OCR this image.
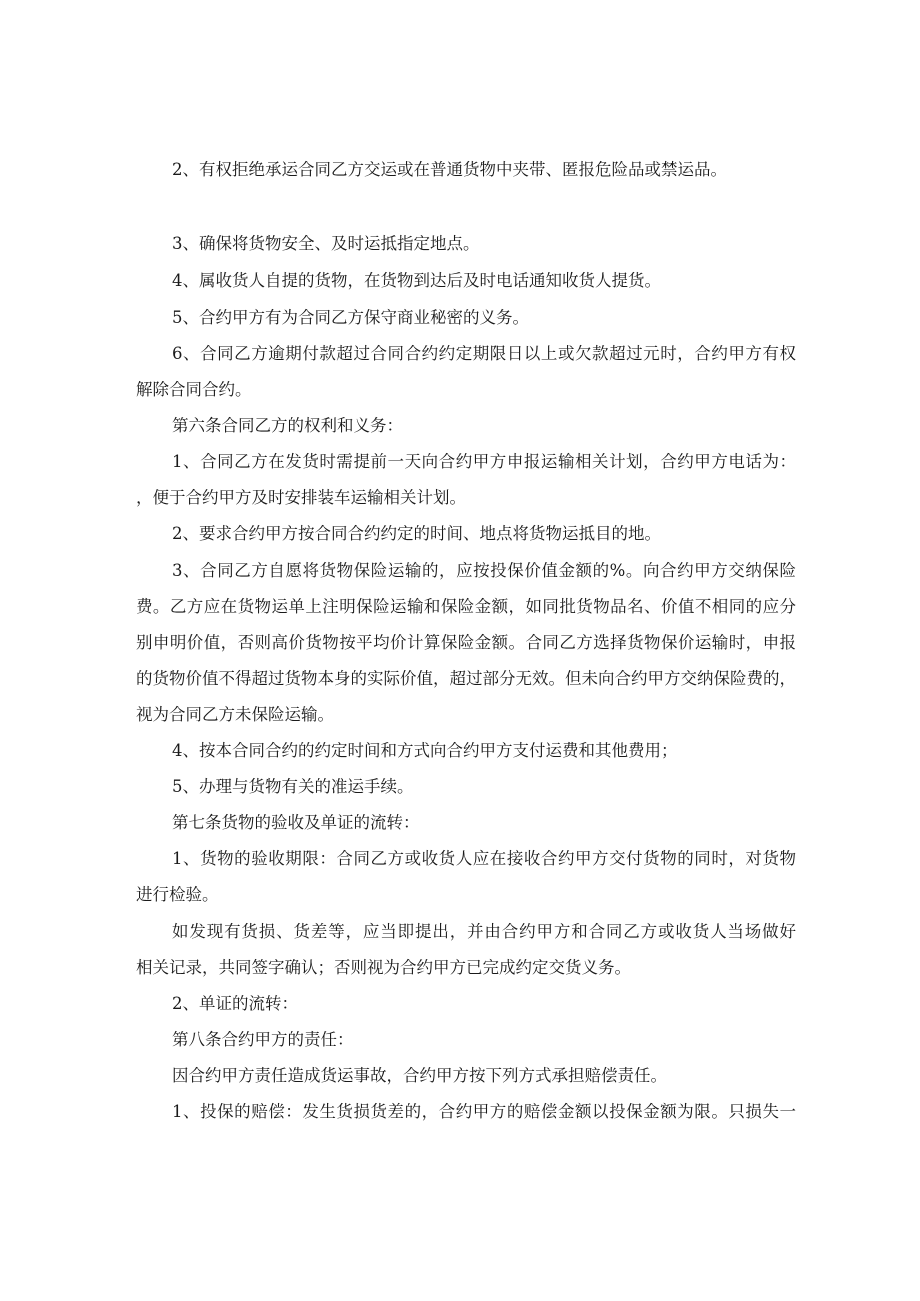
2、有权拒绝承运合同乙方交运或在普通货物中夹带、匿报危险品或禁运品。
3、确保将货物安全、及时运抵指定地点。
4、属收货人自提的货物，在货物到达后及时电话通知收货人提货。
5、合约甲方有为合同乙方保守商业秘密的义务。
6、合同乙方逾期付款超过合同合约约定期限日以上或欠款超过元时，合约甲方有权
解除合同合约。
第六条合同乙方的权利和义务：
1、合同乙方在发货时需提前一天向合约甲方申报运输相关计划，合约甲方电话为：
，便于合约甲方及时安排装车运输相关计划。
2、要求合约甲方按合同合约约定的时间、地点将货物运抵目的地。
3、合同乙方自愿将货物保险运输的，应按投保价值金额的%。向合约甲方交纳保险
费。乙方应在货物运单上注明保险运输和保险金额，如同批货物品名、价值不相同的应分
别申明价值，否则高价货物按平均价计算保险金额。合同乙方选择货物保价运输时，申报
的货物价值不得超过货物本身的实际价值，超过部分无效。但未向合约甲方交纳保险费的，
视为合同乙方未保险运输。
4、按本合同合约的约定时间和方式向合约甲方支付运费和其他费用；
5、办理与货物有关的准运手续。
第七条货物的验收及单证的流转：
1、货物的验收期限：合同乙方或收货人应在接收合约甲方交付货物的同时，对货物
进行检验。
如发现有货损、货差等，应当即提出，并由合约甲方和合同乙方或收货人当场做好
相关记录，共同签字确认；否则视为合约甲方已完成约定交货义务。
2、单证的流转：
第八条合约甲方的责任：
因合约甲方责任造成货运事故，合约甲方按下列方式承担赔偿责任。
1、投保的赔偿：发生货损货差的，合约甲方的赔偿金额以投保金额为限。只损失一
